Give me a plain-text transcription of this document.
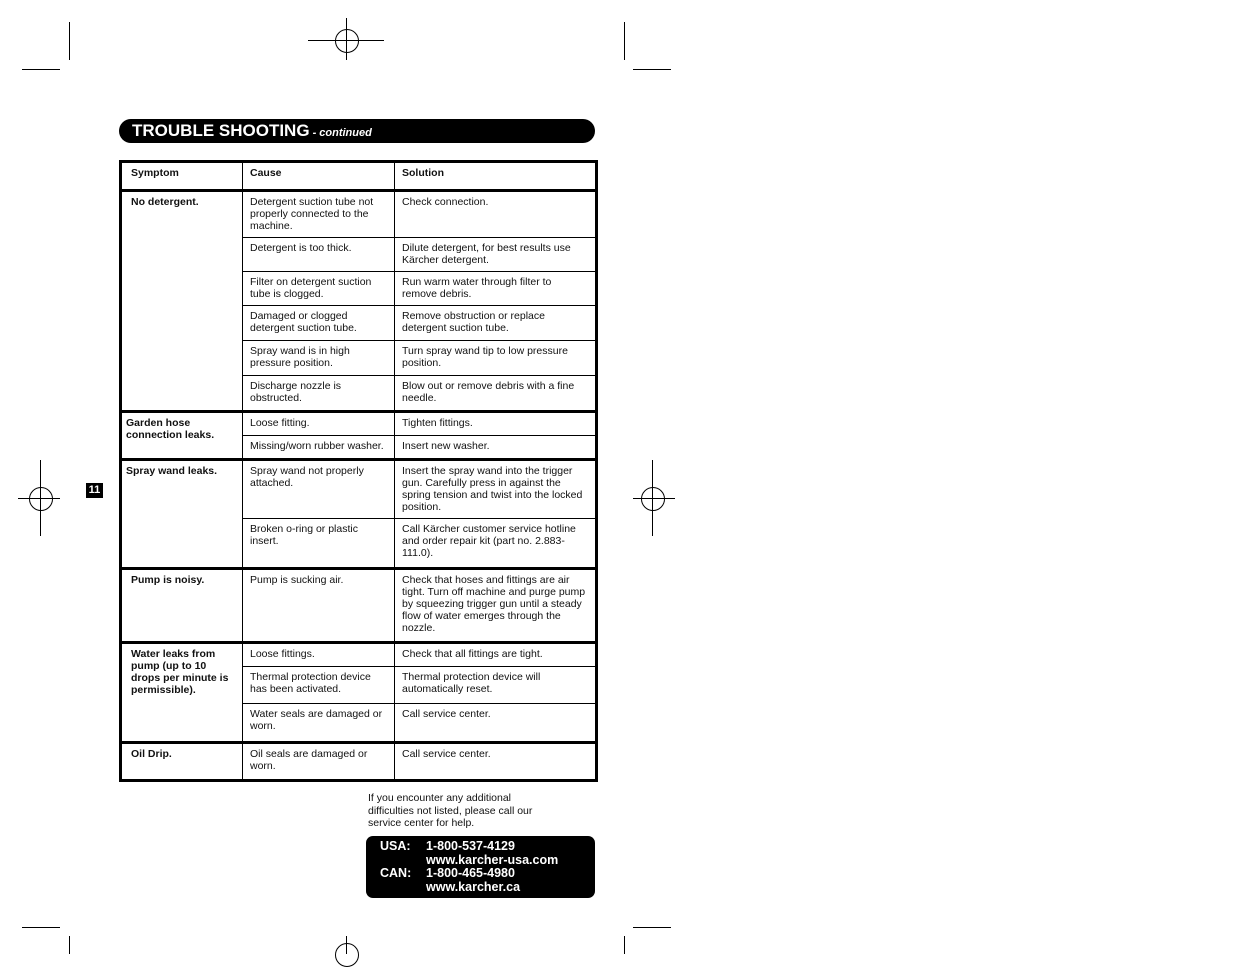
TROUBLE SHOOTING - continued
11
Symptom	Cause	Solution
No detergent.	Detergent suction tube not properly connected to the machine.	Check connection.
	Detergent is too thick.	Dilute detergent, for best results use Kärcher detergent.
	Filter on detergent suction tube is clogged.	Run warm water through filter to remove debris.
	Damaged or clogged detergent suction tube.	Remove obstruction or replace detergent suction tube.
	Spray wand is in high pressure position.	Turn spray wand tip to low pressure position.
	Discharge nozzle is obstructed.	Blow out or remove debris with a fine needle.
Garden hose connection leaks.	Loose fitting.	Tighten fittings.
	Missing/worn rubber washer.	Insert new washer.
Spray wand leaks.	Spray wand not properly attached.	Insert the spray wand into the trigger gun. Carefully press in against the spring tension and twist into the locked position.
	Broken o-ring or plastic insert.	Call Kärcher customer service hotline and order repair kit (part no. 2.883-111.0).
Pump is noisy.	Pump is sucking air.	Check that hoses and fittings are air tight. Turn off machine and purge pump by squeezing trigger gun until a steady flow of water emerges through the nozzle.
Water leaks from pump (up to 10 drops per minute is permissible).	Loose fittings.	Check that all fittings are tight.
	Thermal protection device has been activated.	Thermal protection device will automatically reset.
	Water seals are damaged or worn.	Call service center.
Oil Drip.	Oil seals are damaged or worn.	Call service center.
If you encounter any additional difficulties not listed, please call our service center for help.
USA:	1-800-537-4129
www.karcher-usa.com
CAN:	1-800-465-4980
www.karcher.ca
